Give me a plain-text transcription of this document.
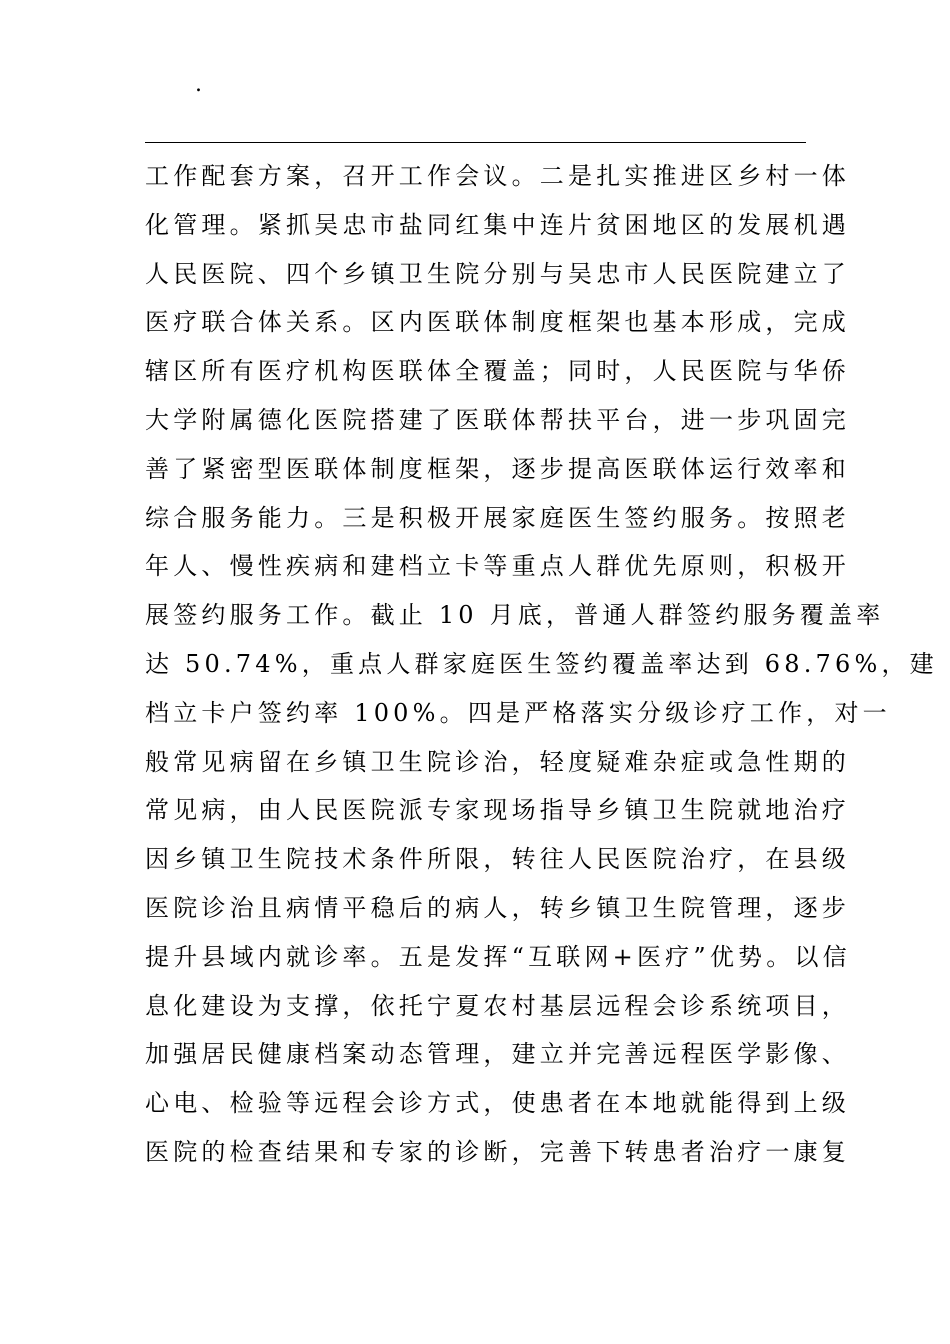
.
工作配套方案，召开工作会议。二是扎实推进区乡村一体
化管理。紧抓吴忠市盐同红集中连片贫困地区的发展机遇
人民医院、四个乡镇卫生院分别与吴忠市人民医院建立了
医疗联合体关系。区内医联体制度框架也基本形成，完成
辖区所有医疗机构医联体全覆盖；同时，人民医院与华侨
大学附属德化医院搭建了医联体帮扶平台，进一步巩固完
善了紧密型医联体制度框架，逐步提高医联体运行效率和
综合服务能力。三是积极开展家庭医生签约服务。按照老
年人、慢性疾病和建档立卡等重点人群优先原则，积极开
展签约服务工作。截止 10 月底，普通人群签约服务覆盖率
达 50.74%，重点人群家庭医生签约覆盖率达到 68.76%，建
档立卡户签约率 100%。四是严格落实分级诊疗工作，对一
般常见病留在乡镇卫生院诊治，轻度疑难杂症或急性期的
常见病，由人民医院派专家现场指导乡镇卫生院就地治疗
因乡镇卫生院技术条件所限，转往人民医院治疗，在县级
医院诊治且病情平稳后的病人，转乡镇卫生院管理，逐步
提升县域内就诊率。五是发挥“互联网+医疗”优势。以信
息化建设为支撑，依托宁夏农村基层远程会诊系统项目，
加强居民健康档案动态管理，建立并完善远程医学影像、
心电、检验等远程会诊方式，使患者在本地就能得到上级
医院的检查结果和专家的诊断，完善下转患者治疗一康复
